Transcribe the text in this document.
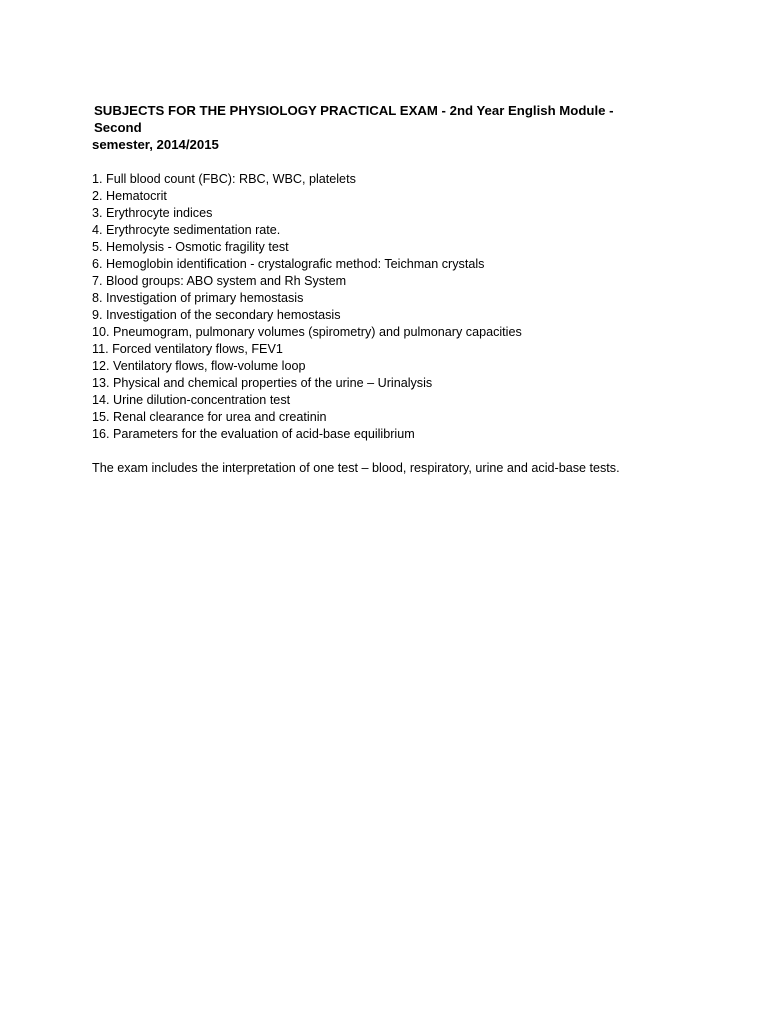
SUBJECTS FOR THE PHYSIOLOGY PRACTICAL EXAM - 2nd Year English Module - Second
semester, 2014/2015

1. Full blood count (FBC): RBC, WBC, platelets
2. Hematocrit
3. Erythrocyte indices
4. Erythrocyte sedimentation rate.
5. Hemolysis - Osmotic fragility test
6. Hemoglobin identification - crystalografic method: Teichman crystals
7. Blood groups: ABO system and Rh System
8. Investigation of primary hemostasis
9. Investigation of the secondary hemostasis
10. Pneumogram, pulmonary volumes (spirometry) and pulmonary capacities
11. Forced ventilatory flows, FEV1
12. Ventilatory flows, flow-volume loop
13. Physical and chemical properties of the urine – Urinalysis
14. Urine dilution-concentration test
15. Renal clearance for urea and creatinin
16. Parameters for the evaluation of acid-base equilibrium

The exam includes the interpretation of one test – blood, respiratory, urine and acid-base tests.
